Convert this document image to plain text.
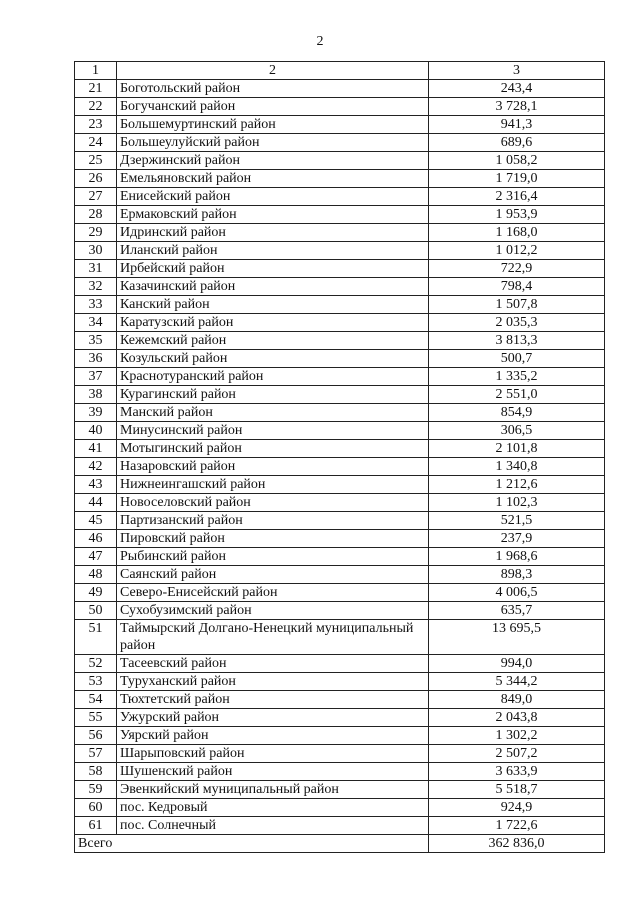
2
1	2	3
21	Боготольский район	243,4
22	Богучанский район	3 728,1
23	Большемуртинский район	941,3
24	Большеулуйский район	689,6
25	Дзержинский район	1 058,2
26	Емельяновский район	1 719,0
27	Енисейский район	2 316,4
28	Ермаковский район	1 953,9
29	Идринский район	1 168,0
30	Иланский район	1 012,2
31	Ирбейский район	722,9
32	Казачинский район	798,4
33	Канский район	1 507,8
34	Каратузский район	2 035,3
35	Кежемский район	3 813,3
36	Козульский район	500,7
37	Краснотуранский район	1 335,2
38	Курагинский район	2 551,0
39	Манский район	854,9
40	Минусинский район	306,5
41	Мотыгинский район	2 101,8
42	Назаровский район	1 340,8
43	Нижнеингашский район	1 212,6
44	Новоселовский район	1 102,3
45	Партизанский район	521,5
46	Пировский район	237,9
47	Рыбинский район	1 968,6
48	Саянский район	898,3
49	Северо-Енисейский район	4 006,5
50	Сухобузимский район	635,7
51	Таймырский Долгано-Ненецкий муниципальный район	13 695,5
52	Тасеевский район	994,0
53	Туруханский район	5 344,2
54	Тюхтетский район	849,0
55	Ужурский район	2 043,8
56	Уярский район	1 302,2
57	Шарыповский район	2 507,2
58	Шушенский район	3 633,9
59	Эвенкийский муниципальный район	5 518,7
60	пос. Кедровый	924,9
61	пос. Солнечный	1 722,6
Всего		362 836,0
